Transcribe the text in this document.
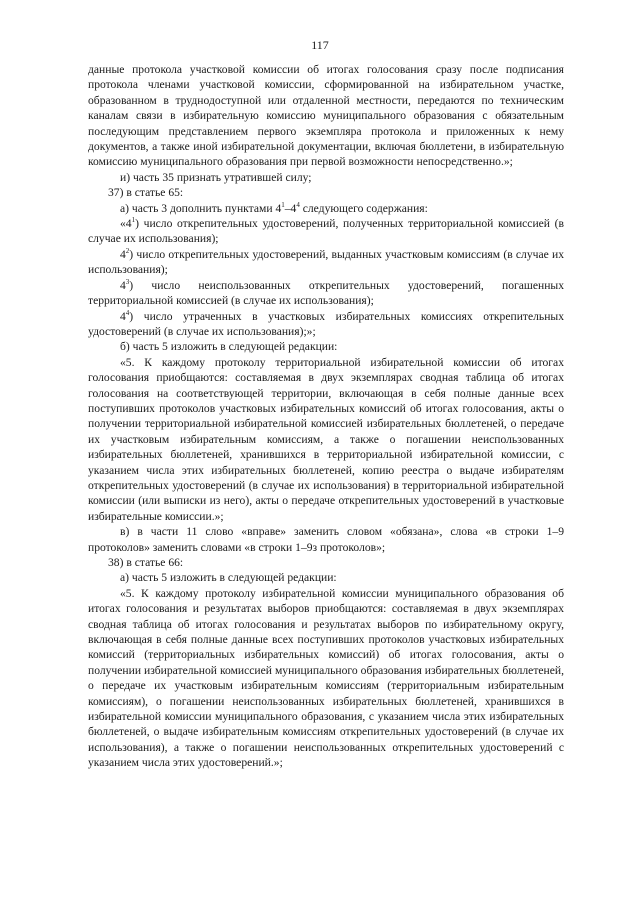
117

данные протокола участковой комиссии об итогах голосования сразу после подписания протокола членами участковой комиссии, сформированной на избирательном участке, образованном в труднодоступной или отдаленной местности, передаются по техническим каналам связи в избирательную комиссию муниципального образования с обязательным последующим представлением первого экземпляра протокола и приложенных к нему документов, а также иной избирательной документации, включая бюллетени, в избирательную комиссию муниципального образования при первой возможности непосредственно.»;

и) часть 35 признать утратившей силу;

37) в статье 65:

а) часть 3 дополнить пунктами $4^1-4^4$ следующего содержания:

«$4^1$) число открепительных удостоверений, полученных территориальной комиссией (в случае их использования);

$4^2$) число открепительных удостоверений, выданных участковым комиссиям (в случае их использования);

$4^3$) число неиспользованных открепительных удостоверений, погашенных территориальной комиссией (в случае их использования);

$4^4$) число утраченных в участковых избирательных комиссиях открепительных удостоверений (в случае их использования);»;

б) часть 5 изложить в следующей редакции:

«5. К каждому протоколу территориальной избирательной комиссии об итогах голосования приобщаются: составляемая в двух экземплярах сводная таблица об итогах голосования на соответствующей территории, включающая в себя полные данные всех поступивших протоколов участковых избирательных комиссий об итогах голосования, акты о получении территориальной избирательной комиссией избирательных бюллетеней, о передаче их участковым избирательным комиссиям, а также о погашении неиспользованных избирательных бюллетеней, хранившихся в территориальной избирательной комиссии, с указанием числа этих избирательных бюллетеней, копию реестра о выдаче избирателям открепительных удостоверений (в случае их использования) в территориальной избирательной комиссии (или выписки из него), акты о передаче открепительных удостоверений в участковые избирательные комиссии.»;

в) в части 11 слово «вправе» заменить словом «обязана», слова «в строки 1–9 протоколов» заменить словами «в строки 1–9з протоколов»;

38) в статье 66:

а) часть 5 изложить в следующей редакции:

«5. К каждому протоколу избирательной комиссии муниципального образования об итогах голосования и результатах выборов приобщаются: составляемая в двух экземплярах сводная таблица об итогах голосования и результатах выборов по избирательному округу, включающая в себя полные данные всех поступивших протоколов участковых избирательных комиссий (территориальных избирательных комиссий) об итогах голосования, акты о получении избирательной комиссией муниципального образования избирательных бюллетеней, о передаче их участковым избирательным комиссиям (территориальным избирательным комиссиям), о погашении неиспользованных избирательных бюллетеней, хранившихся в избирательной комиссии муниципального образования, с указанием числа этих избирательных бюллетеней, о выдаче избирательным комиссиям открепительных удостоверений (в случае их использования), а также о погашении неиспользованных открепительных удостоверений с указанием числа этих удостоверений.»;
